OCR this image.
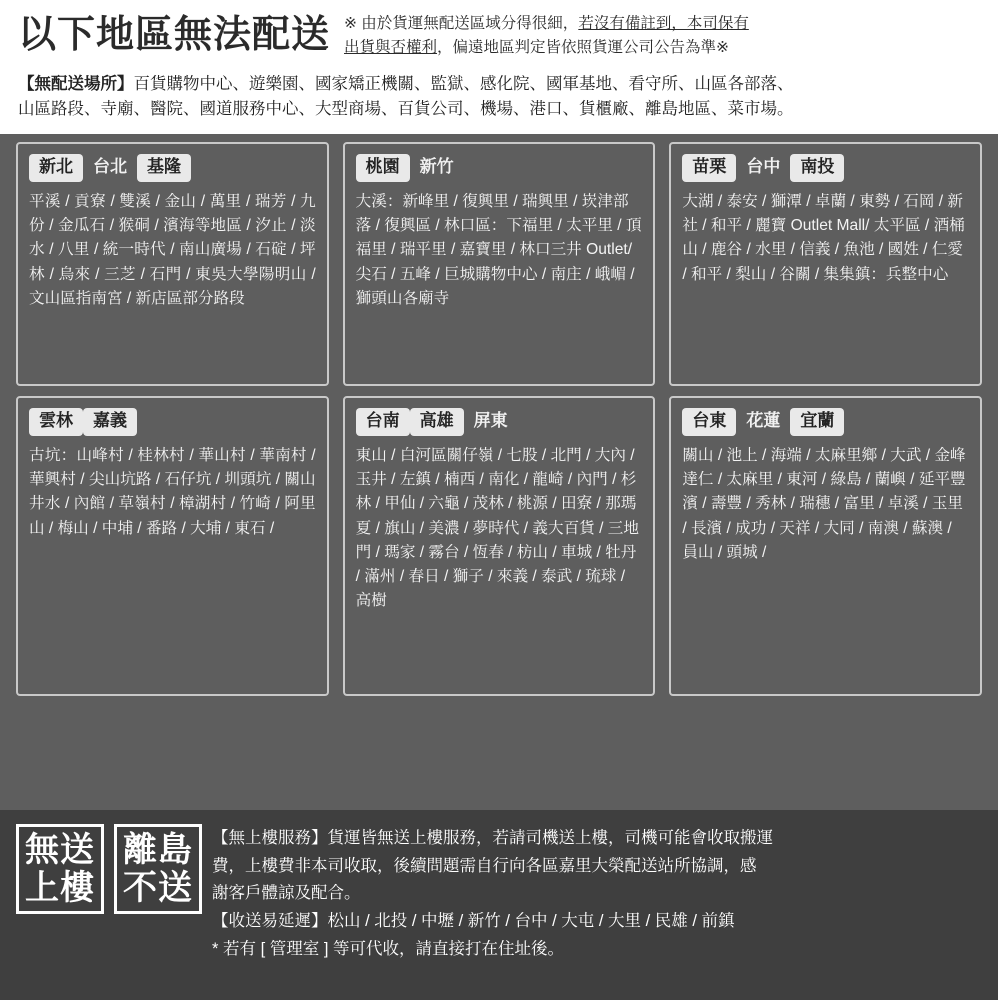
以下地區無法配送 ※ 由於貨運無配送區域分得很細，若沒有備註到，本司保有
出貨與否權利，偏遠地區判定皆依照貨運公司公告為準※
【無配送場所】百貨購物中心、遊樂園、國家矯正機關、監獄、感化院、國軍基地、看守所、山區各部落、
山區路段、寺廟、醫院、國道服務中心、大型商場、百貨公司、機場、港口、貨櫃廠、離島地區、菜市場。
新北	台北	基隆
平溪 / 貢寮 / 雙溪 / 金山 / 萬里 / 瑞芳 / 九份 / 金瓜石 / 猴硐 / 濱海等地區 / 汐止 / 淡水 / 八里 / 統一時代 / 南山廣場 / 石碇 / 坪林 / 烏來 / 三芝 / 石門 / 東吳大學陽明山 / 文山區指南宮 / 新店區部分路段
桃園	新竹
大溪：新峰里 / 復興里 / 瑞興里 / 崁津部落 / 復興區 / 林口區：下福里 / 太平里 / 頂福里 / 瑞平里 / 嘉寶里 / 林口三井 Outlet/ 尖石 / 五峰 / 巨城購物中心 / 南庄 / 峨嵋 / 獅頭山各廟寺
苗栗	台中	南投
大湖 / 泰安 / 獅潭 / 卓蘭 / 東勢 / 石岡 / 新社 / 和平 / 麗寶 Outlet Mall/ 太平區 / 酒桶山 / 鹿谷 / 水里 / 信義 / 魚池 / 國姓 / 仁愛 / 和平 / 梨山 / 谷關 / 集集鎮：兵整中心
雲林	嘉義
古坑：山峰村 / 桂林村 / 華山村 / 華南村 / 華興村 / 尖山坑路 / 石仔坑 / 圳頭坑 / 關山井水 / 內館 / 草嶺村 / 樟湖村 / 竹崎 / 阿里山 / 梅山 / 中埔 / 番路 / 大埔 / 東石 /
台南	高雄	屏東
東山 / 白河區關仔嶺 / 七股 / 北門 / 大內 / 玉井 / 左鎮 / 楠西 / 南化 / 龍崎 / 內門 / 杉林 / 甲仙 / 六龜 / 茂林 / 桃源 / 田寮 / 那瑪夏 / 旗山 / 美濃 / 夢時代 / 義大百貨 / 三地門 / 瑪家 / 霧台 / 恆春 / 枋山 / 車城 / 牡丹 / 滿州 / 春日 / 獅子 / 來義 / 泰武 / 琉球 / 高樹
台東	花蓮	宜蘭
關山 / 池上 / 海端 / 太麻里鄉 / 大武 / 金峰達仁 / 太麻里 / 東河 / 綠島 / 蘭嶼 / 延平豐濱 / 壽豐 / 秀林 / 瑞穗 / 富里 / 卓溪 / 玉里 / 長濱 / 成功 / 天祥 / 大同 / 南澳 / 蘇澳 / 員山 / 頭城 /
無送
上樓
離島
不送

【無上樓服務】貨運皆無送上樓服務，若請司機送上樓，司機可能會收取搬運

費，上樓費非本司收取，後續問題需自行向各區嘉里大榮配送站所協調，感

謝客戶體諒及配合。

【收送易延遲】松山 / 北投 / 中壢 / 新竹 / 台中 / 大屯 / 大里 / 民雄 / 前鎮

* 若有 [ 管理室 ] 等可代收，請直接打在住址後。
